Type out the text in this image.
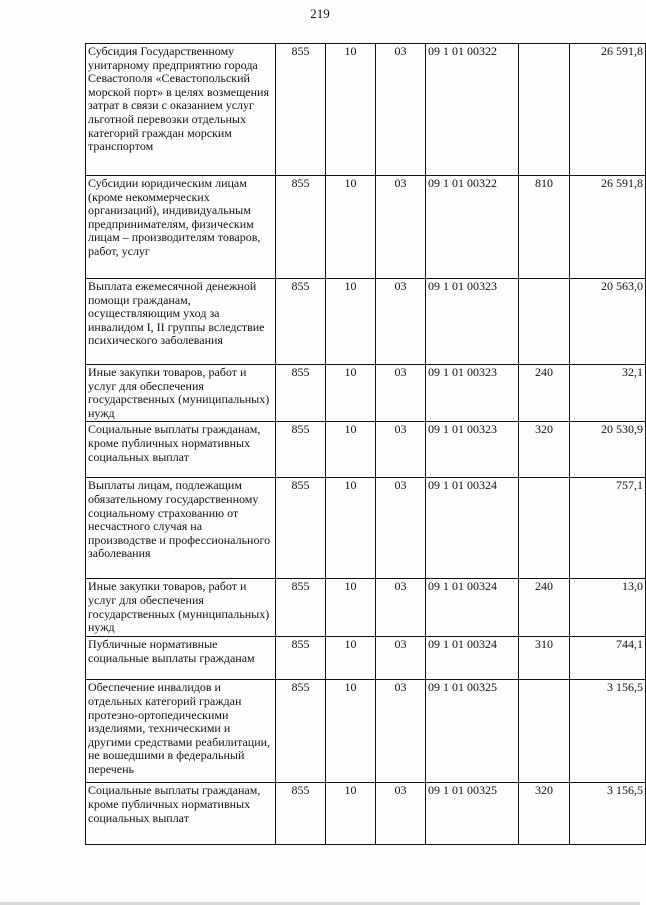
219
Субсидия Государственному унитарному предприятию города Севастополя «Севастопольский морской порт» в целях возмещения затрат в связи с оказанием услуг льготной перевозки отдельных категорий граждан морским транспортом	855	10	03	09 1 01 00322		26 591,8
Субсидии юридическим лицам (кроме некоммерческих организаций), индивидуальным предпринимателям, физическим лицам – производителям товаров, работ, услуг	855	10	03	09 1 01 00322	810	26 591,8
Выплата ежемесячной денежной помощи гражданам, осуществляющим уход за инвалидом I, II группы вследствие психического заболевания	855	10	03	09 1 01 00323		20 563,0
Иные закупки товаров, работ и услуг для обеспечения государственных (муниципальных) нужд	855	10	03	09 1 01 00323	240	32,1
Социальные выплаты гражданам, кроме публичных нормативных социальных выплат	855	10	03	09 1 01 00323	320	20 530,9
Выплаты лицам, подлежащим обязательному государственному социальному страхованию от несчастного случая на производстве и профессионального заболевания	855	10	03	09 1 01 00324		757,1
Иные закупки товаров, работ и услуг для обеспечения государственных (муниципальных) нужд	855	10	03	09 1 01 00324	240	13,0
Публичные нормативные социальные выплаты гражданам	855	10	03	09 1 01 00324	310	744,1
Обеспечение инвалидов и отдельных категорий граждан протезно-ортопедическими изделиями, техническими и другими средствами реабилитации, не вошедшими в федеральный перечень	855	10	03	09 1 01 00325		3 156,5
Социальные выплаты гражданам, кроме публичных нормативных социальных выплат	855	10	03	09 1 01 00325	320	3 156,5
